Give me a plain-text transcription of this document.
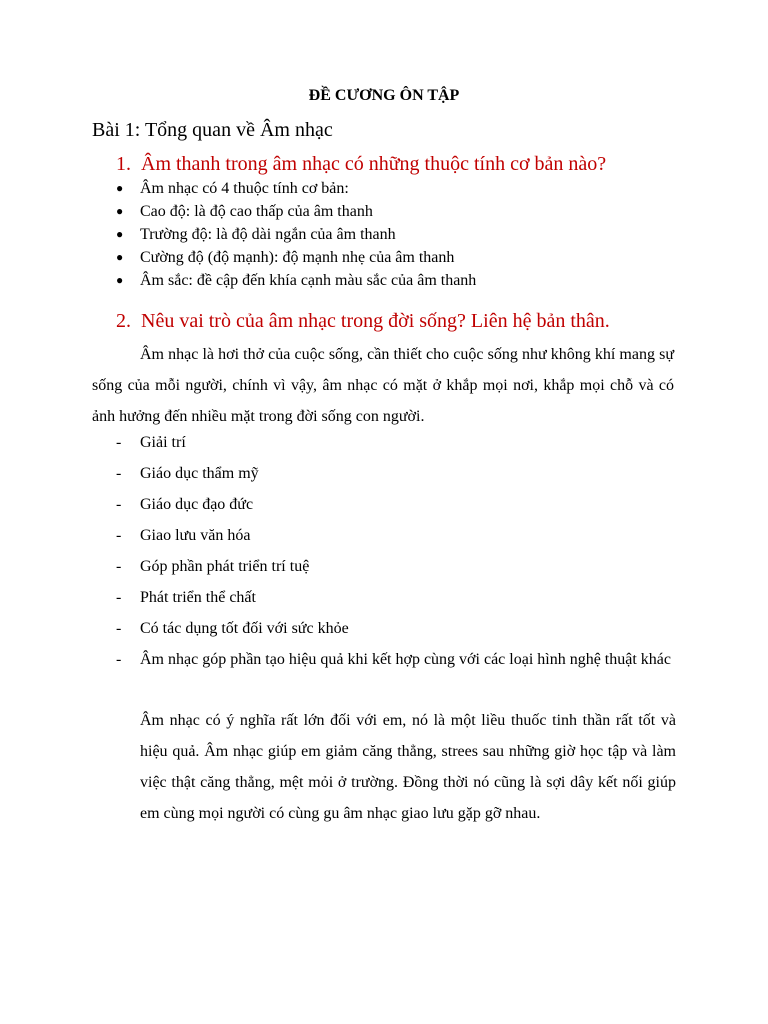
ĐỀ CƯƠNG ÔN TẬP
Bài 1: Tổng quan về Âm nhạc
1. Âm thanh trong âm nhạc có những thuộc tính cơ bản nào?
● Âm nhạc có 4 thuộc tính cơ bản:
● Cao độ: là độ cao thấp của âm thanh
● Trường độ: là độ dài ngắn của âm thanh
● Cường độ (độ mạnh): độ mạnh nhẹ của âm thanh
● Âm sắc: đề cập đến khía cạnh màu sắc của âm thanh
2. Nêu vai trò của âm nhạc trong đời sống? Liên hệ bản thân.

Âm nhạc là hơi thở của cuộc sống, cần thiết cho cuộc sống như không khí mang sự sống của mỗi người, chính vì vậy, âm nhạc có mặt ở khắp mọi nơi, khắp mọi chỗ và có ảnh hưởng đến nhiều mặt trong đời sống con người.

- Giải trí
- Giáo dục thẩm mỹ
- Giáo dục đạo đức
- Giao lưu văn hóa
- Góp phần phát triển trí tuệ
- Phát triển thể chất
- Có tác dụng tốt đối với sức khỏe
- Âm nhạc góp phần tạo hiệu quả khi kết hợp cùng với các loại hình nghệ thuật khác

Âm nhạc có ý nghĩa rất lớn đối với em, nó là một liều thuốc tinh thần rất tốt và hiệu quả. Âm nhạc giúp em giảm căng thẳng, strees sau những giờ học tập và làm việc thật căng thẳng, mệt mỏi ở trường. Đồng thời nó cũng là sợi dây kết nối giúp em cùng mọi người có cùng gu âm nhạc giao lưu gặp gỡ nhau.
